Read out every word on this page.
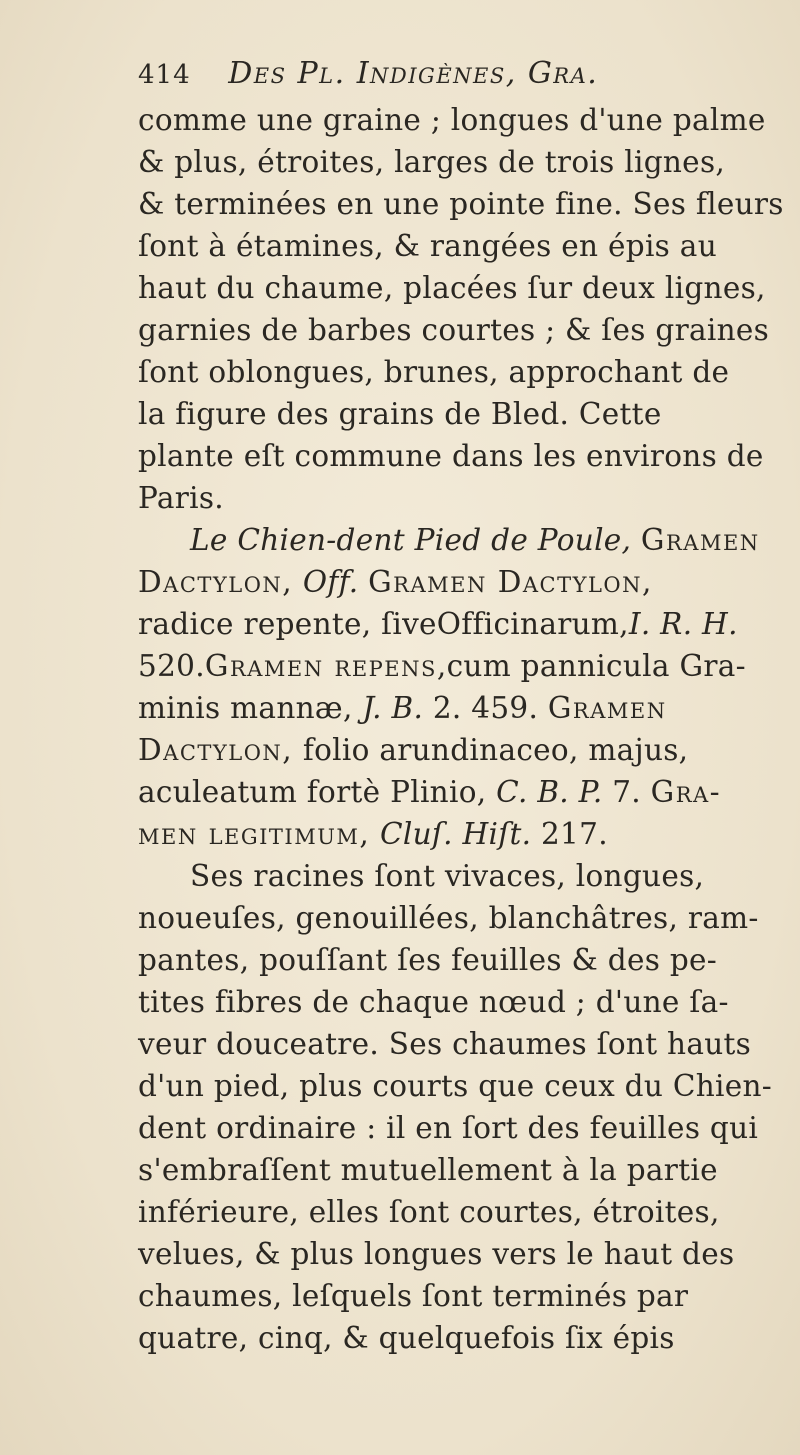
414 Des Pl. Indigènes, Gra.
comme une graine ; longues d'une palme
& plus, étroites, larges de trois lignes,
& terminées en une pointe fine. Ses fleurs
ſont à étamines, & rangées en épis au
haut du chaume, placées ſur deux lignes,
garnies de barbes courtes ; & ſes graines
ſont oblongues, brunes, approchant de
la figure des grains de Bled. Cette
plante eſt commune dans les environs de
Paris.
Le Chien-dent Pied de Poule, Gramen
Dactylon, Off. Gramen Dactylon,
radice repente, ſiveOfficinarum,I. R. H.
520.Gramen repens,cum pannicula Gra-
minis mannæ, J. B. 2. 459. Gramen
Dactylon, folio arundinaceo, majus,
aculeatum fortè Plinio, C. B. P. 7. Gra-
men legitimum, Cluſ. Hiſt. 217.
Ses racines ſont vivaces, longues,
noueuſes, genouillées, blanchâtres, ram-
pantes, pouſſant ſes feuilles & des pe-
tites fibres de chaque nœud ; d'une ſa-
veur douceatre. Ses chaumes ſont hauts
d'un pied, plus courts que ceux du Chien-
dent ordinaire : il en ſort des feuilles qui
s'embraſſent mutuellement à la partie
inférieure, elles ſont courtes, étroites,
velues, & plus longues vers le haut des
chaumes, leſquels ſont terminés par
quatre, cinq, & quelquefois ſix épis
